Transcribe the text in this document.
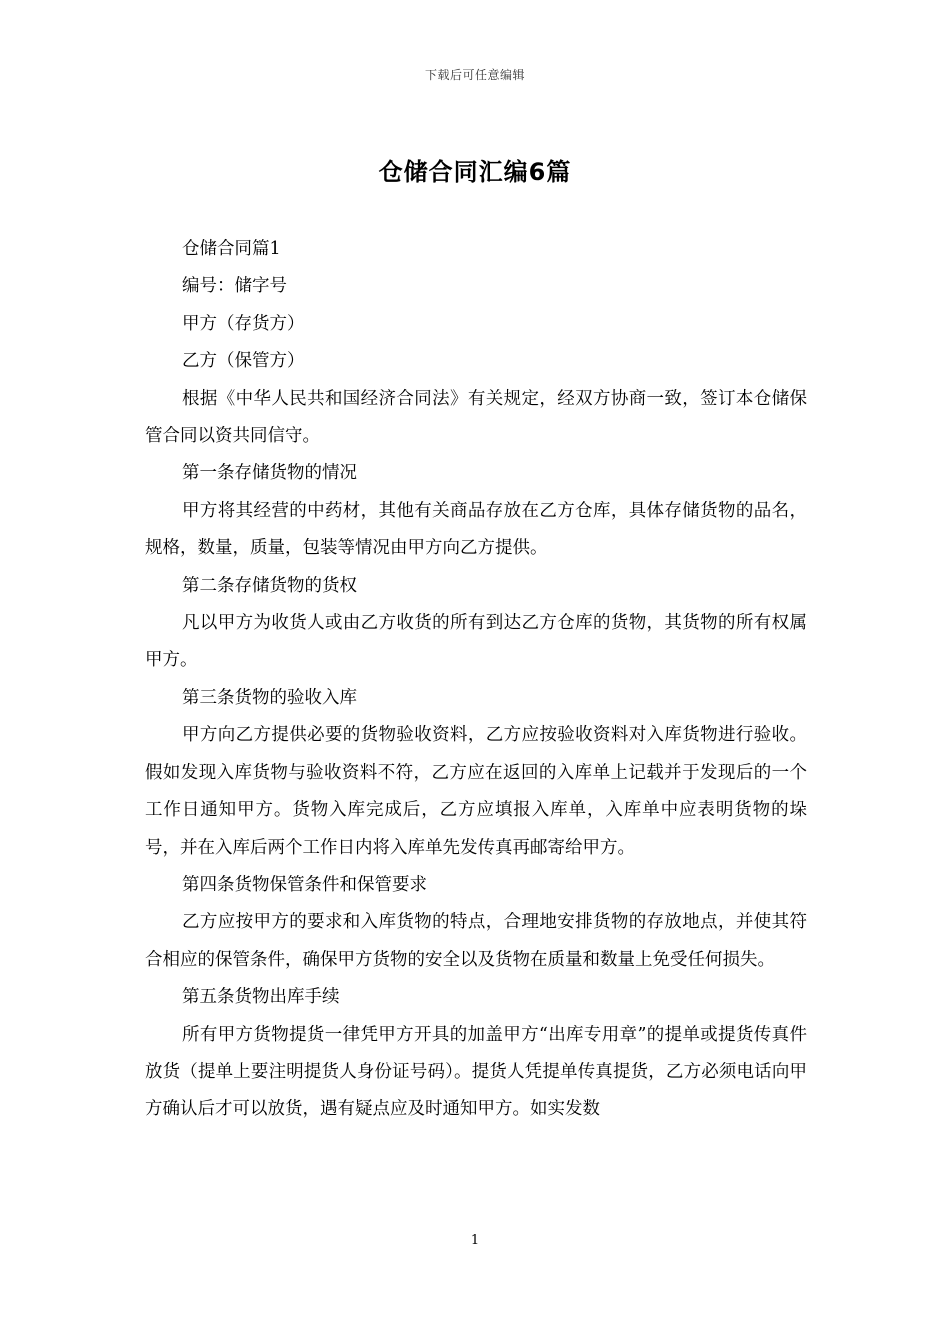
下载后可任意编辑
仓储合同汇编6篇

仓储合同篇1

编号：储字号

甲方（存货方）

乙方（保管方）

根据《中华人民共和国经济合同法》有关规定，经双方协商一致，签订本仓储保管合同以资共同信守。

第一条存储货物的情况

甲方将其经营的中药材，其他有关商品存放在乙方仓库，具体存储货物的品名，规格，数量，质量，包装等情况由甲方向乙方提供。

第二条存储货物的货权

凡以甲方为收货人或由乙方收货的所有到达乙方仓库的货物，其货物的所有权属甲方。

第三条货物的验收入库

甲方向乙方提供必要的货物验收资料，乙方应按验收资料对入库货物进行验收。假如发现入库货物与验收资料不符，乙方应在返回的入库单上记载并于发现后的一个工作日通知甲方。货物入库完成后，乙方应填报入库单，入库单中应表明货物的垛号，并在入库后两个工作日内将入库单先发传真再邮寄给甲方。

第四条货物保管条件和保管要求

乙方应按甲方的要求和入库货物的特点，合理地安排货物的存放地点，并使其符合相应的保管条件，确保甲方货物的安全以及货物在质量和数量上免受任何损失。

第五条货物出库手续

所有甲方货物提货一律凭甲方开具的加盖甲方“出库专用章”的提单或提货传真件放货（提单上要注明提货人身份证号码）。提货人凭提单传真提货，乙方必须电话向甲方确认后才可以放货，遇有疑点应及时通知甲方。如实发数

1
